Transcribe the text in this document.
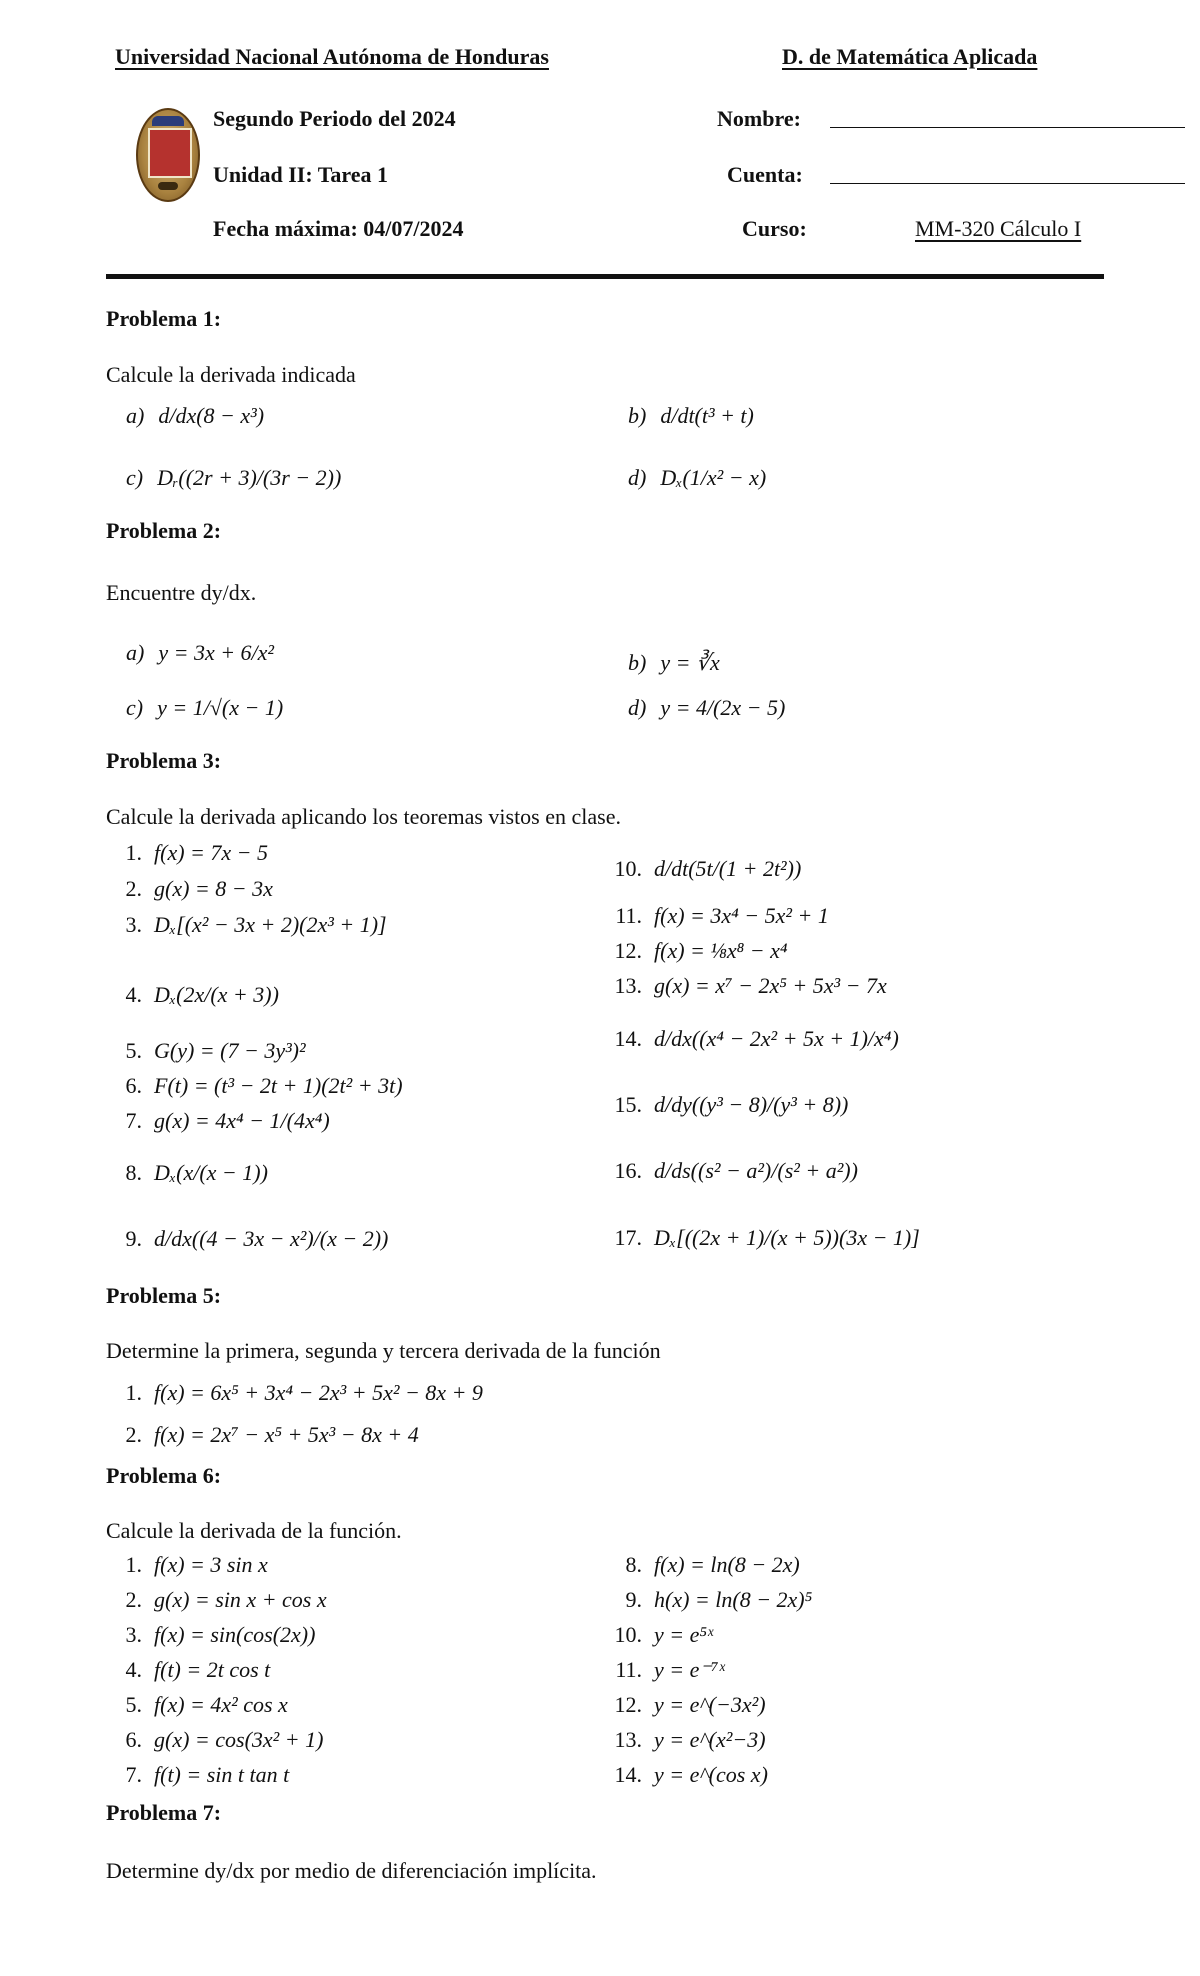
Universidad Nacional Autónoma de Honduras	D. de Matemática Aplicada
Segundo Periodo del 2024
Unidad II: Tarea 1
Fecha máxima: 04/07/2024
Nombre:
Cuenta:
Curso:	MM-320 Cálculo I
Problema 1:
Calcule la derivada indicada
a) d/dx(8 − x³)	b) d/dt(t³ + t)
c) Dᵣ((2r + 3)/(3r − 2))	d) Dₓ(1/x² − x)
Problema 2:
Encuentre dy/dx.
a) y = 3x + 6/x²	b) y = ∛x
c) y = 1/√(x − 1)	d) y = 4/(2x − 5)
Problema 3:
Calcule la derivada aplicando los teoremas vistos en clase.
1. f(x) = 7x − 5
2. g(x) = 8 − 3x
3. Dₓ[(x² − 3x + 2)(2x³ + 1)]
4. Dₓ(2x/(x + 3))
5. G(y) = (7 − 3y³)²
6. F(t) = (t³ − 2t + 1)(2t² + 3t)
7. g(x) = 4x⁴ − 1/(4x⁴)
8. Dₓ(x/(x − 1))
9. d/dx((4 − 3x − x²)/(x − 2))
10. d/dt(5t/(1 + 2t²))
11. f(x) = 3x⁴ − 5x² + 1
12. f(x) = ⅛x⁸ − x⁴
13. g(x) = x⁷ − 2x⁵ + 5x³ − 7x
14. d/dx((x⁴ − 2x² + 5x + 1)/x⁴)
15. d/dy((y³ − 8)/(y³ + 8))
16. d/ds((s² − a²)/(s² + a²))
17. Dₓ[((2x + 1)/(x + 5))(3x − 1)]
Problema 5:
Determine la primera, segunda y tercera derivada de la función
1. f(x) = 6x⁵ + 3x⁴ − 2x³ + 5x² − 8x + 9
2. f(x) = 2x⁷ − x⁵ + 5x³ − 8x + 4
Problema 6:
Calcule la derivada de la función.
1. f(x) = 3 sin x
2. g(x) = sin x + cos x
3. f(x) = sin(cos(2x))
4. f(t) = 2t cos t
5. f(x) = 4x² cos x
6. g(x) = cos(3x² + 1)
7. f(t) = sin t tan t
8. f(x) = ln(8 − 2x)
9. h(x) = ln(8 − 2x)⁵
10. y = e⁵ˣ
11. y = e⁻⁷ˣ
12. y = e^(−3x²)
13. y = e^(x²−3)
14. y = e^(cos x)
Problema 7:
Determine dy/dx por medio de diferenciación implícita.
